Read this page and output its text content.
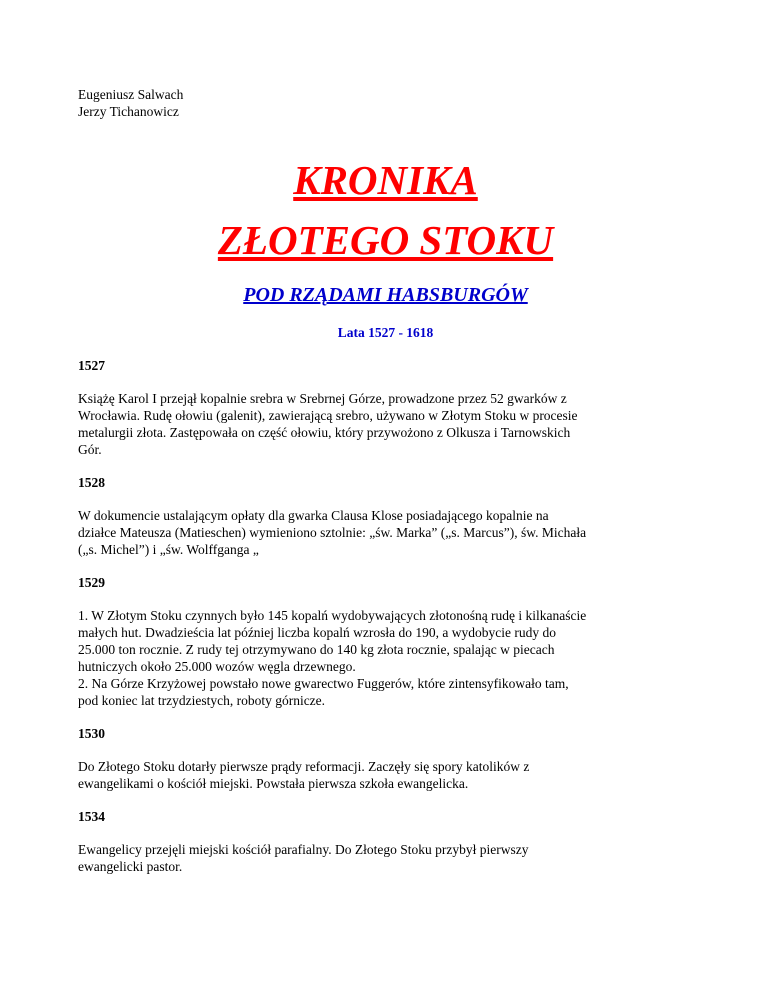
Eugeniusz Salwach
Jerzy Tichanowicz
KRONIKA
ZŁOTEGO STOKU
POD RZĄDAMI HABSBURGÓW
Lata 1527 - 1618
1527
Książę Karol I przejął kopalnie srebra w Srebrnej Górze, prowadzone przez 52 gwarków z
Wrocławia. Rudę ołowiu (galenit), zawierającą srebro, używano w Złotym Stoku w procesie
metalurgii złota. Zastępowała on część ołowiu, który przywożono z Olkusza i Tarnowskich
Gór.
1528
W dokumencie ustalającym opłaty dla gwarka Clausa Klose posiadającego kopalnie na
działce Mateusza (Matieschen) wymieniono sztolnie: „św. Marka” („s. Marcus”), św. Michała
(„s. Michel”) i „św. Wolffganga „
1529
1. W Złotym Stoku czynnych było 145 kopalń wydobywających złotonośną rudę i kilkanaście
małych hut. Dwadzieścia lat później liczba kopalń wzrosła do 190, a wydobycie rudy do
25.000 ton rocznie. Z rudy tej otrzymywano do 140 kg złota rocznie, spalając w piecach
hutniczych około 25.000 wozów węgla drzewnego.
2. Na Górze Krzyżowej powstało nowe gwarectwo Fuggerów, które zintensyfikowało tam,
pod koniec lat trzydziestych, roboty górnicze.
1530
Do Złotego Stoku dotarły pierwsze prądy reformacji. Zaczęły się spory katolików z
ewangelikami o kościół miejski. Powstała pierwsza szkoła ewangelicka.
1534
Ewangelicy przejęli miejski kościół parafialny. Do Złotego Stoku przybył pierwszy
ewangelicki pastor.
